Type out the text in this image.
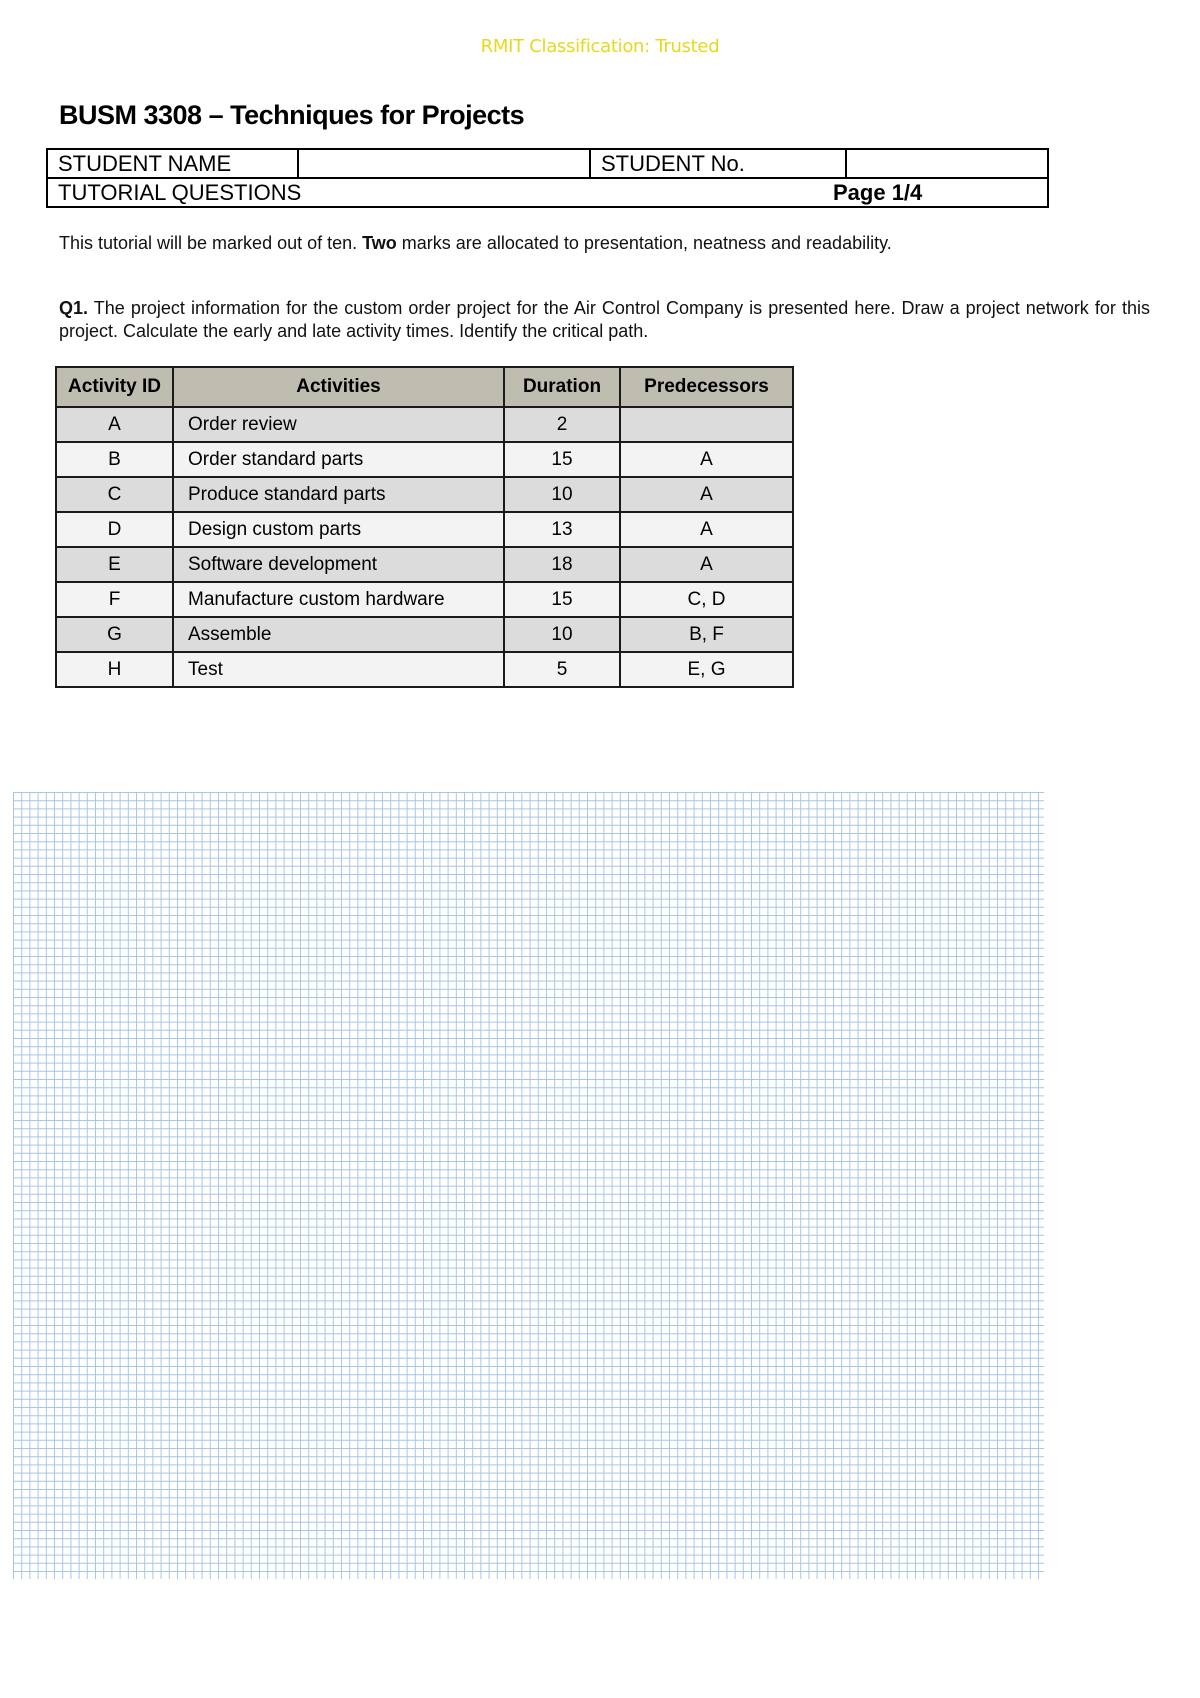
RMIT Classification: Trusted
BUSM 3308 – Techniques for Projects
STUDENT NAME	STUDENT No.
TUTORIAL QUESTIONS	Page 1/4

This tutorial will be marked out of ten. Two marks are allocated to presentation, neatness and readability.

Q1. The project information for the custom order project for the Air Control Company is presented here. Draw a project network for this project. Calculate the early and late activity times. Identify the critical path.

Activity ID	Activities	Duration	Predecessors
A	Order review	2	
B	Order standard parts	15	A
C	Produce standard parts	10	A
D	Design custom parts	13	A
E	Software development	18	A
F	Manufacture custom hardware	15	C, D
G	Assemble	10	B, F
H	Test	5	E, G
